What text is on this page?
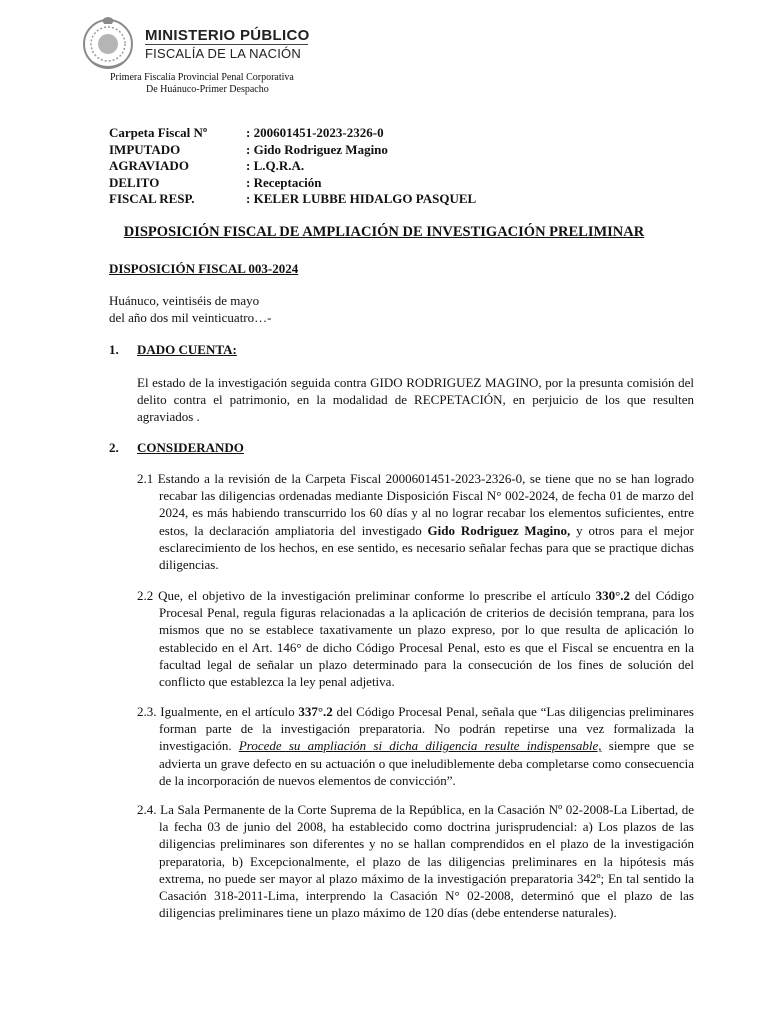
MINISTERIO PÚBLICO
FISCALÍA DE LA NACIÓN
Primera Fiscalía Provincial Penal Corporativa
De Huánuco-Primer Despacho
Carpeta Fiscal Nº	: 200601451-2023-2326-0
IMPUTADO	: Gido Rodriguez Magino
AGRAVIADO	: L.Q.R.A.
DELITO	: Receptación
FISCAL RESP.	: KELER LUBBE HIDALGO PASQUEL
DISPOSICIÓN FISCAL DE AMPLIACIÓN DE INVESTIGACIÓN PRELIMINAR
DISPOSICIÓN FISCAL 003-2024
Huánuco, veintiséis de mayo
del año dos mil veinticuatro…-
1.	DADO CUENTA:
El estado de la investigación seguida contra GIDO RODRIGUEZ MAGINO, por la presunta comisión del delito contra el patrimonio, en la modalidad de RECPETACIÓN, en perjuicio de los que resulten agraviados .
2.	CONSIDERANDO
2.1 Estando a la revisión de la Carpeta Fiscal 2000601451-2023-2326-0, se tiene que no se han logrado recabar las diligencias ordenadas mediante Disposición Fiscal N° 002-2024, de fecha 01 de marzo del 2024, es más habiendo transcurrido los 60 días y al no lograr recabar los elementos suficientes, entre estos, la declaración ampliatoria del investigado Gido Rodriguez Magino, y otros para el mejor esclarecimiento de los hechos, en ese sentido, es necesario señalar fechas para que se practique dichas diligencias.
2.2 Que, el objetivo de la investigación preliminar conforme lo prescribe el artículo 330°.2 del Código Procesal Penal, regula figuras relacionadas a la aplicación de criterios de decisión temprana, para los mismos que no se establece taxativamente un plazo expreso, por lo que resulta de aplicación lo establecido en el Art. 146° de dicho Código Procesal Penal, esto es que el Fiscal se encuentra en la facultad legal de señalar un plazo determinado para la consecución de los fines de solución del conflicto que establezca la ley penal adjetiva.
2.3. Igualmente, en el artículo 337°.2 del Código Procesal Penal, señala que “Las diligencias preliminares forman parte de la investigación preparatoria. No podrán repetirse una vez formalizada la investigación. Procede su ampliación si dicha diligencia resulte indispensable, siempre que se advierta un grave defecto en su actuación o que ineludiblemente deba completarse como consecuencia de la incorporación de nuevos elementos de convicción”.
2.4. La Sala Permanente de la Corte Suprema de la República, en la Casación Nº 02-2008-La Libertad, de la fecha 03 de junio del 2008, ha establecido como doctrina jurisprudencial: a) Los plazos de las diligencias preliminares son diferentes y no se hallan comprendidos en el plazo de la investigación preparatoria, b) Excepcionalmente, el plazo de las diligencias preliminares en la hipótesis más extrema, no puede ser mayor al plazo máximo de la investigación preparatoria 342º; En tal sentido la Casación 318-2011-Lima, interprendo la Casación N° 02-2008, determinó que el plazo de las diligencias preliminares tiene un plazo máximo de 120 días (debe entenderse naturales).
